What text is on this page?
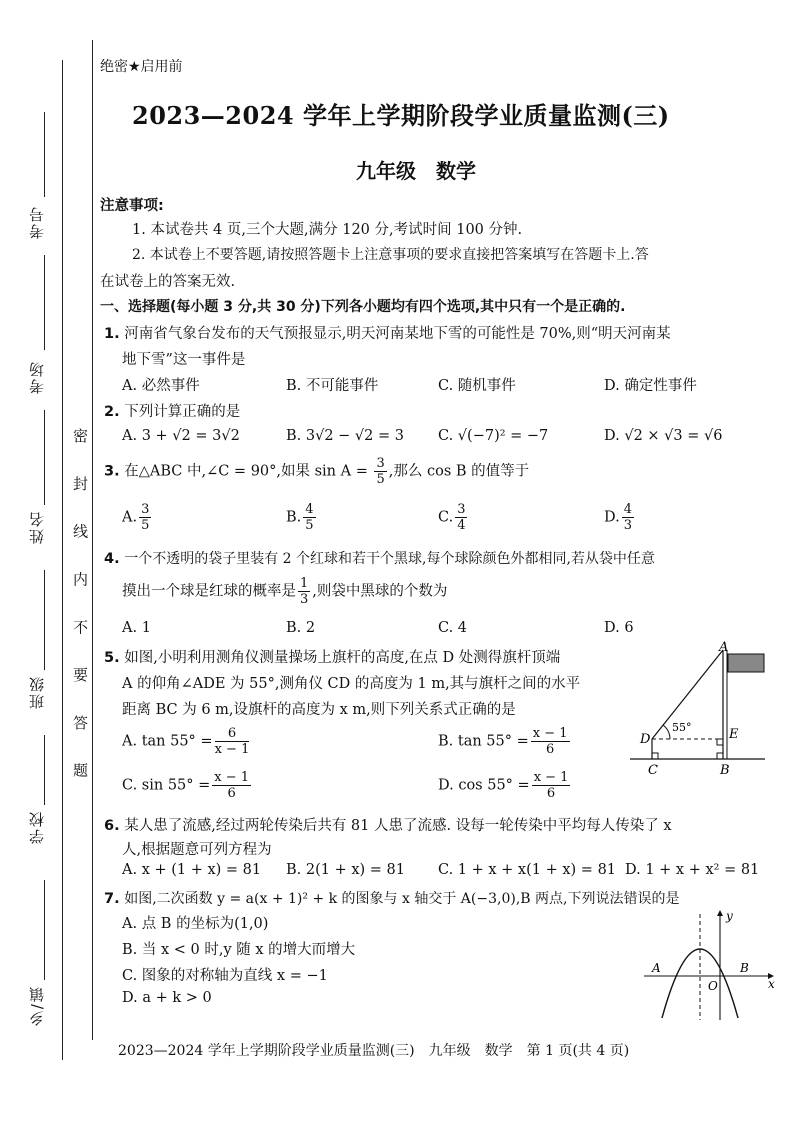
考号
考场
姓名
班级
学校
乡/镇
密 封 线 内 不 要 答 题
绝密★启用前
2023—2024 学年上学期阶段学业质量监测(三)
九年级　数学
注意事项:
1. 本试卷共 4 页,三个大题,满分 120 分,考试时间 100 分钟.
2. 本试卷上不要答题,请按照答题卡上注意事项的要求直接把答案填写在答题卡上.答
在试卷上的答案无效.
一、选择题(每小题 3 分,共 30 分)下列各小题均有四个选项,其中只有一个是正确的.
1. 河南省气象台发布的天气预报显示,明天河南某地下雪的可能性是 70%,则“明天河南某
地下雪”这一事件是
A. 必然事件	B. 不可能事件	C. 随机事件	D. 确定性事件
2. 下列计算正确的是
A. 3 + √2 = 3√2	B. 3√2 − √2 = 3 C. √(−7)² = −7	D. √2 × √3 = √6
3. 在△ABC 中,∠C = 90°,如果 $\sin A = \frac{3}{5}$ ,那么 cos B 的值等于
A. $\frac{3}{5}$	B. $\frac{4}{5}$	C. $\frac{3}{4}$	D. $\frac{4}{3}$
4. 一个不透明的袋子里装有 2 个红球和若干个黑球,每个球除颜色外都相同,若从袋中任意
摸出一个球是红球的概率是 $\frac{1}{3}$ ,则袋中黑球的个数为
A. 1	B. 2	C. 4	D. 6
5. 如图,小明利用测角仪测量操场上旗杆的高度,在点 D 处测得旗杆顶端
A 的仰角∠ADE 为 55°,测角仪 CD 的高度为 1 m,其与旗杆之间的水平
距离 BC 为 6 m,设旗杆的高度为 x m,则下列关系式正确的是
A. $\tan 55^\circ = \frac{6}{x - 1}$	B. $\tan 55^\circ = \frac{x - 1}{6}$
C. $\sin 55^\circ = \frac{x - 1}{6}$	D. $\cos 55^\circ = \frac{x - 1}{6}$
A
D	E
C	B
55°
6. 某人患了流感,经过两轮传染后共有 81 人患了流感. 设每一轮传染中平均每人传染了 x
人,根据题意可列方程为
A. x + (1 + x) = 81 B. 2(1 + x) = 81 C. 1 + x + x(1 + x) = 81 D. 1 + x + x² = 81
7. 如图,二次函数 y = a(x + 1)² + k 的图象与 x 轴交于 A(−3,0),B 两点,下列说法错误的是
A. 点 B 的坐标为(1,0)
B. 当 x < 0 时,y 随 x 的增大而增大
C. 图象的对称轴为直线 x = −1
D. a + k > 0
y
x
A	B
O
2023—2024 学年上学期阶段学业质量监测(三)　九年级　数学　第 1 页(共 4 页)
